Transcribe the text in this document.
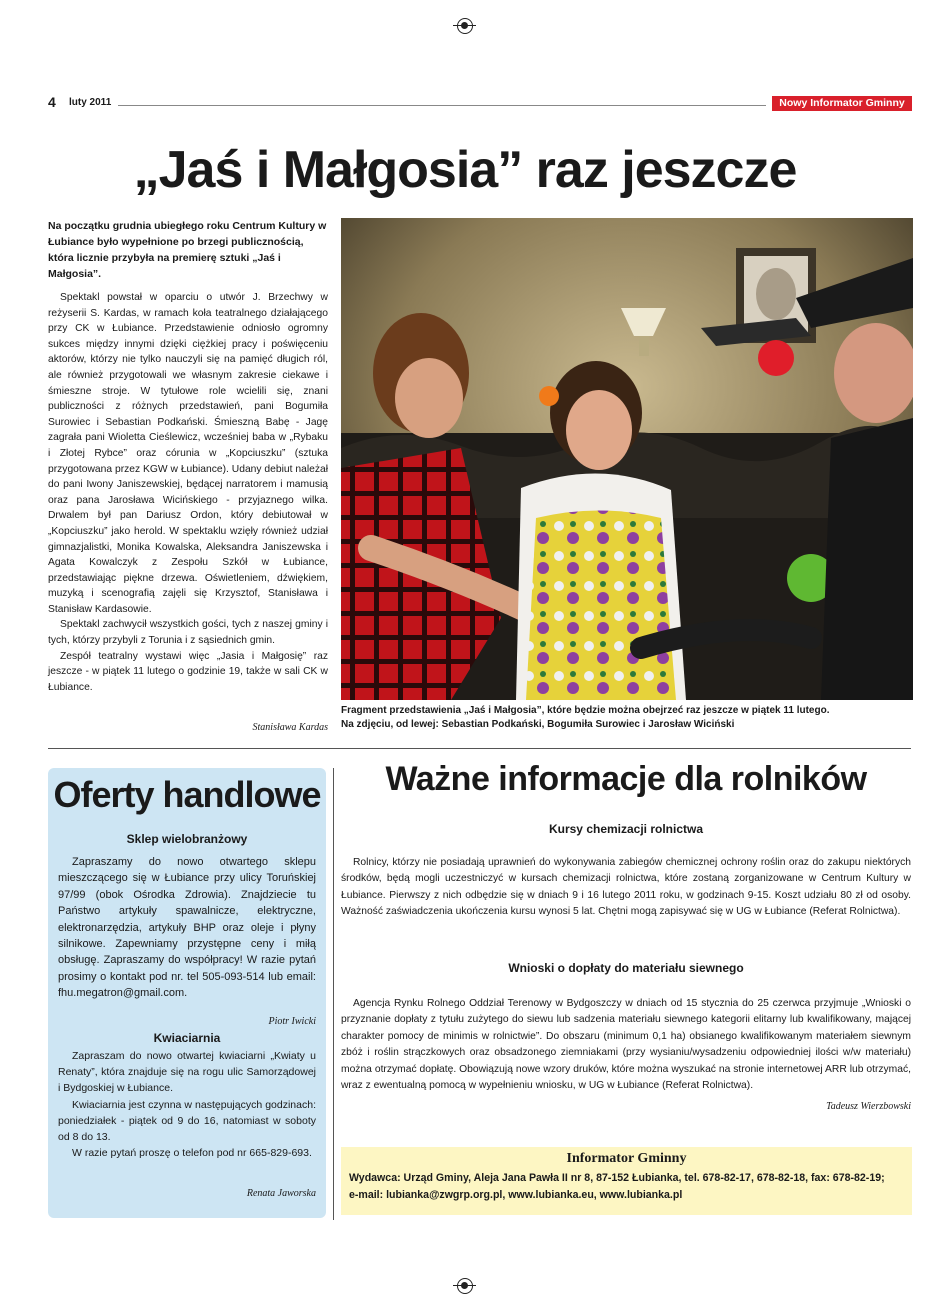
4 luty 2011	Nowy Informator Gminny
„Jaś i Małgosia” raz jeszcze
Na początku grudnia ubiegłego roku Centrum Kultury w Łubiance było wypełnione po brzegi publicznością, która licznie przybyła na premierę sztuki „Jaś i Małgosia”.

Spektakl powstał w oparciu o utwór J. Brzechwy w reżyserii S. Kardas, w ramach koła teatralnego działającego przy CK w Łubiance. Przedstawienie odniosło ogromny sukces między innymi dzięki ciężkiej pracy i poświęceniu aktorów, którzy nie tylko nauczyli się na pamięć długich ról, ale również przygotowali we własnym zakresie ciekawe i śmieszne stroje. W tytułowe role wcielili się, znani publiczności z różnych przedstawień, pani Bogumiła Surowiec i Sebastian Podkański. Śmieszną Babę - Jagę zagrała pani Wioletta Cieślewicz, wcześniej baba w „Rybaku i Złotej Rybce” oraz córunia w „Kopciuszku” (sztuka przygotowana przez KGW w Łubiance). Udany debiut należał do pani Iwony Janiszewskiej, będącej narratorem i mamusią oraz pana Jarosława Wicińskiego - przyjaznego wilka. Drwalem był pan Dariusz Ordon, który debiutował w „Kopciuszku” jako herold. W spektaklu wzięły również udział gimnazjalistki, Monika Kowalska, Aleksandra Janiszewska i Agata Kowalczyk z Zespołu Szkół w Łubiance, przedstawiając piękne drzewa. Oświetleniem, dźwiękiem, muzyką i scenografią zajęli się Krzysztof, Stanisława i Stanisław Kardasowie.

Spektakl zachwycił wszystkich gości, tych z naszej gminy i tych, którzy przybyli z Torunia i z sąsiednich gmin.

Zespół teatralny wystawi więc „Jasia i Małgosię” raz jeszcze - w piątek 11 lutego o godzinie 19, także w sali CK w Łubiance.

Stanisława Kardas
Fragment przedstawienia „Jaś i Małgosia”, które będzie można obejrzeć raz jeszcze w piątek 11 lutego.
Na zdjęciu, od lewej: Sebastian Podkański, Bogumiła Surowiec i Jarosław Wiciński
Oferty handlowe
Sklep wielobranżowy

Zapraszamy do nowo otwartego sklepu mieszczącego się w Łubiance przy ulicy Toruńskiej 97/99 (obok Ośrodka Zdrowia). Znajdziecie tu Państwo artykuły spawalnicze, elektryczne, elektronarzędzia, artykuły BHP oraz oleje i płyny silnikowe. Zapewniamy przystępne ceny i miłą obsługę. Zapraszamy do współpracy! W razie pytań prosimy o kontakt pod nr. tel 505-093-514 lub email: fhu.megatron@gmail.com.

Piotr Iwicki
Kwiaciarnia

Zapraszam do nowo otwartej kwiaciarni „Kwiaty u Renaty”, która znajduje się na rogu ulic Samorządowej i Bydgoskiej w Łubiance.

Kwiaciarnia jest czynna w następujących godzinach: poniedziałek - piątek od 9 do 16, natomiast w soboty od 8 do 13.

W razie pytań proszę o telefon pod nr 665-829-693.

Renata Jaworska
Ważne informacje dla rolników
Kursy chemizacji rolnictwa

Rolnicy, którzy nie posiadają uprawnień do wykonywania zabiegów chemicznej ochrony roślin oraz do zakupu niektórych środków, będą mogli uczestniczyć w kursach chemizacji rolnictwa, które zostaną zorganizowane w Centrum Kultury w Łubiance. Pierwszy z nich odbędzie się w dniach 9 i 16 lutego 2011 roku, w godzinach 9-15. Koszt udziału 80 zł od osoby. Ważność zaświadczenia ukończenia kursu wynosi 5 lat. Chętni mogą zapisywać się w UG w Łubiance (Referat Rolnictwa).

Wnioski o dopłaty do materiału siewnego

Agencja Rynku Rolnego Oddział Terenowy w Bydgoszczy w dniach od 15 stycznia do 25 czerwca przyjmuje „Wnioski o przyznanie dopłaty z tytułu zużytego do siewu lub sadzenia materiału siewnego kategorii elitarny lub kwalifikowany, mającej charakter pomocy de minimis w rolnictwie”. Do obszaru (minimum 0,1 ha) obsianego kwalifikowanym materiałem siewnym zbóż i roślin strączkowych oraz obsadzonego ziemniakami (przy wysianiu/wysadzeniu odpowiedniej ilości w/w materiału) można otrzymać dopłatę. Obowiązują nowe wzory druków, które można wyszukać na stronie internetowej ARR lub otrzymać, wraz z ewentualną pomocą w wypełnieniu wniosku, w UG w Łubiance (Referat Rolnictwa).

Tadeusz Wierzbowski
Informator Gminny
Wydawca: Urząd Gminy, Aleja Jana Pawła II nr 8, 87-152 Łubianka, tel. 678-82-17, 678-82-18, fax: 678-82-19;
e-mail: lubianka@zwgrp.org.pl, www.lubianka.eu, www.lubianka.pl
